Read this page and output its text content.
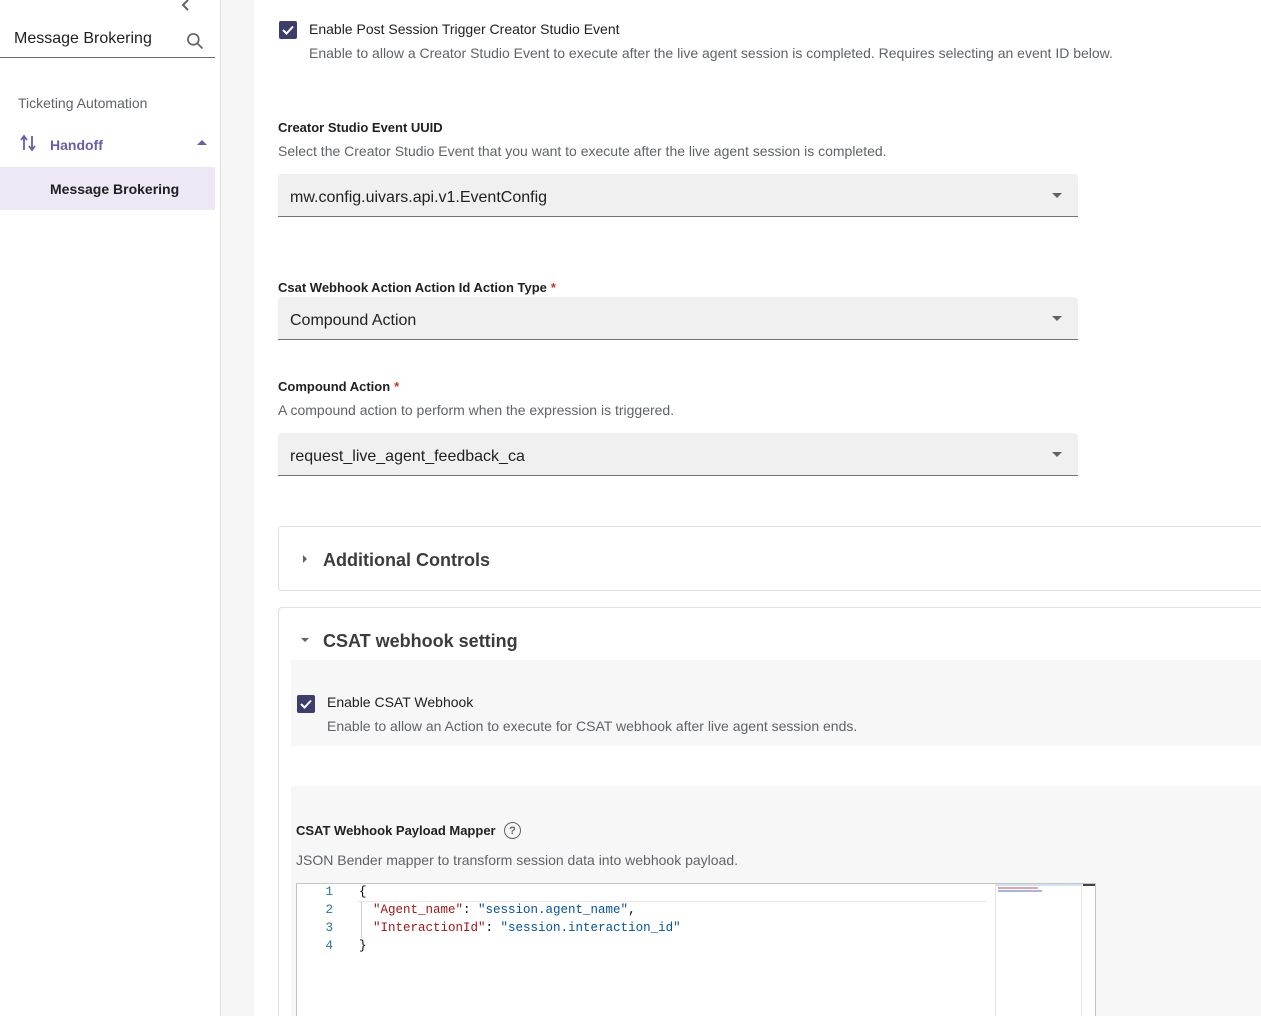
Message Brokering
Ticketing Automation
Handoff
Message Brokering
Enable Post Session Trigger Creator Studio Event
Enable to allow a Creator Studio Event to execute after the live agent session is completed. Requires selecting an event ID below.
Creator Studio Event UUID
Select the Creator Studio Event that you want to execute after the live agent session is completed.
mw.config.uivars.api.v1.EventConfig
Csat Webhook Action Action Id Action Type *
Compound Action
Compound Action *
A compound action to perform when the expression is triggered.
request_live_agent_feedback_ca
Additional Controls
CSAT webhook setting
Enable CSAT Webhook
Enable to allow an Action to execute for CSAT webhook after live agent session ends.
CSAT Webhook Payload Mapper	?
JSON Bender mapper to transform session data into webhook payload.
1 {
2	"Agent_name": "session.agent_name",
3	"InteractionId": "session.interaction_id"
4 }
